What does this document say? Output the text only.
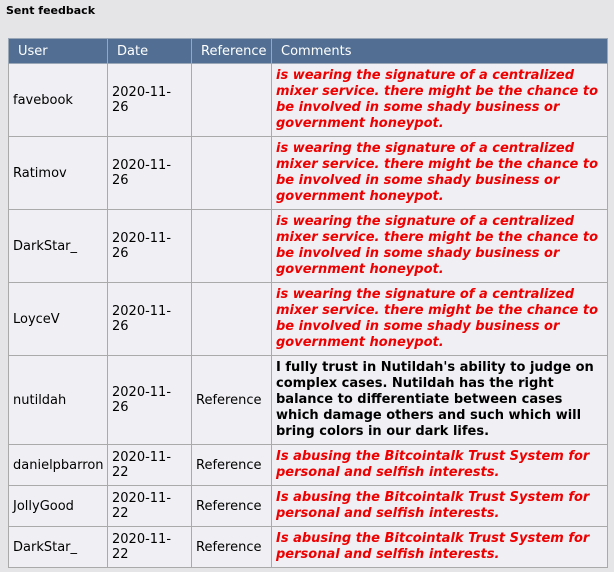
Sent feedback
User	Date	Reference	Comments
favebook	2020-11-26		is wearing the signature of a centralized mixer service. there might be the chance to be involved in some shady business or government honeypot.
Ratimov	2020-11-26		is wearing the signature of a centralized mixer service. there might be the chance to be involved in some shady business or government honeypot.
DarkStar_	2020-11-26		is wearing the signature of a centralized mixer service. there might be the chance to be involved in some shady business or government honeypot.
LoyceV	2020-11-26		is wearing the signature of a centralized mixer service. there might be the chance to be involved in some shady business or government honeypot.
nutildah	2020-11-26	Reference	I fully trust in Nutildah's ability to judge on complex cases. Nutildah has the right balance to differentiate between cases which damage others and such which will bring colors in our dark lifes.
danielpbarron	2020-11-22	Reference	Is abusing the Bitcointalk Trust System for personal and selfish interests.
JollyGood	2020-11-22	Reference	Is abusing the Bitcointalk Trust System for personal and selfish interests.
DarkStar_	2020-11-22	Reference	Is abusing the Bitcointalk Trust System for personal and selfish interests.
